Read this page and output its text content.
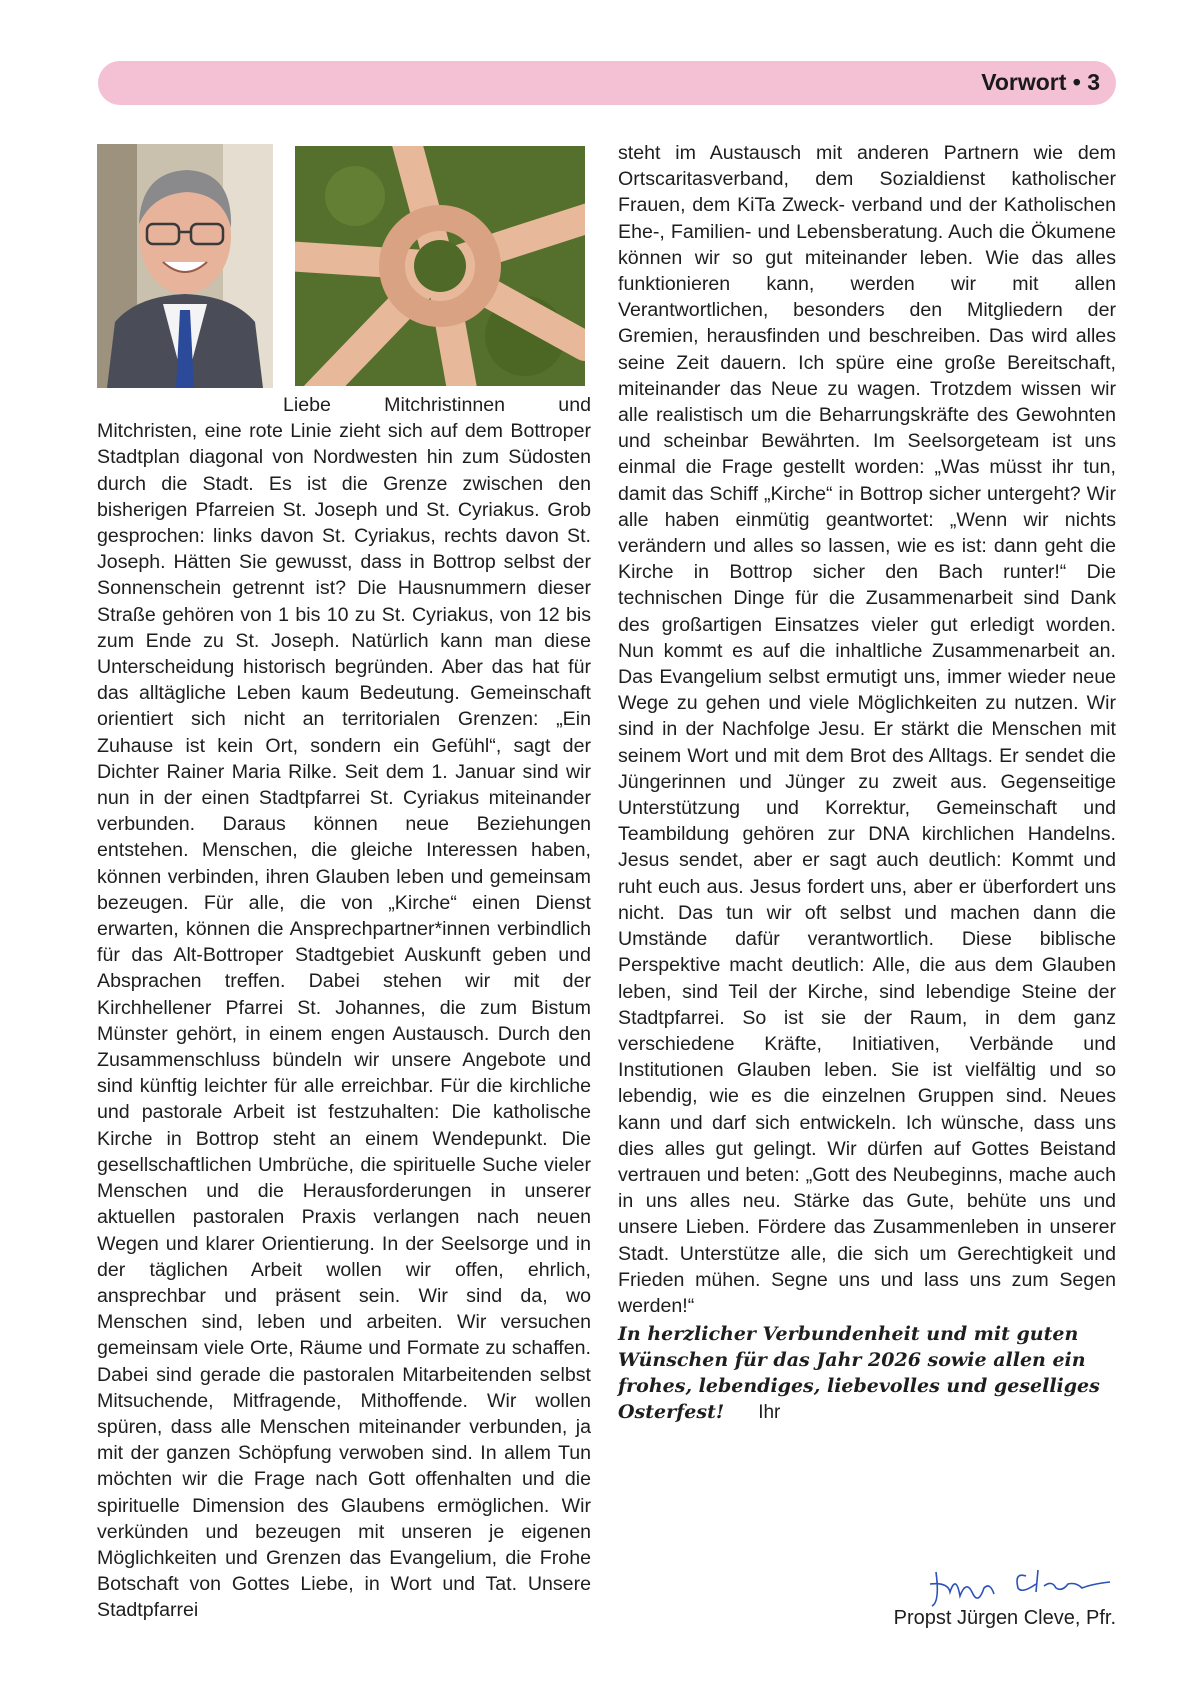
Vorwort • 3

Liebe Mitchristinnen und Mitchristen, eine rote Linie zieht sich auf dem Bottroper Stadtplan diagonal von Nordwesten hin zum Südosten durch die Stadt. Es ist die Grenze zwischen den bisherigen Pfarreien St. Joseph und St. Cyriakus. Grob gesprochen: links davon St. Cyriakus, rechts davon St. Joseph. Hätten Sie gewusst, dass in Bottrop selbst der Sonnenschein getrennt ist? Die Hausnummern dieser Straße gehören von 1 bis 10 zu St. Cyriakus, von 12 bis zum Ende zu St. Joseph. Natürlich kann man diese Unterscheidung historisch begründen. Aber das hat für das alltägliche Leben kaum Bedeutung. Gemeinschaft orientiert sich nicht an territorialen Grenzen: „Ein Zuhause ist kein Ort, sondern ein Gefühl“, sagt der Dichter Rainer Maria Rilke. Seit dem 1. Januar sind wir nun in der einen Stadtpfarrei St. Cyriakus miteinander verbunden. Daraus können neue Beziehungen entstehen. Menschen, die gleiche Interessen haben, können verbinden, ihren Glauben leben und gemeinsam bezeugen. Für alle, die von „Kirche“ einen Dienst erwarten, können die Ansprechpartner*innen verbindlich für das Alt-Bottroper Stadtgebiet Auskunft geben und Absprachen treffen. Dabei stehen wir mit der Kirchhellener Pfarrei St. Johannes, die zum Bistum Münster gehört, in einem engen Austausch. Durch den Zusammenschluss bündeln wir unsere Angebote und sind künftig leichter für alle erreichbar. Für die kirchliche und pastorale Arbeit ist festzuhalten: Die katholische Kirche in Bottrop steht an einem Wendepunkt. Die gesellschaftlichen Umbrüche, die spirituelle Suche vieler Menschen und die Herausforderungen in unserer aktuellen pastoralen Praxis verlangen nach neuen Wegen und klarer Orientierung. In der Seelsorge und in der täglichen Arbeit wollen wir offen, ehrlich, ansprechbar und präsent sein. Wir sind da, wo Menschen sind, leben und arbeiten. Wir versuchen gemeinsam viele Orte, Räume und Formate zu schaffen. Dabei sind gerade die pastoralen Mitarbeitenden selbst Mitsuchende, Mitfragende, Mithoffende. Wir wollen spüren, dass alle Menschen miteinander verbunden, ja mit der ganzen Schöpfung verwoben sind. In allem Tun möchten wir die Frage nach Gott offenhalten und die spirituelle Dimension des Glaubens ermöglichen. Wir verkünden und bezeugen mit unseren je eigenen Möglichkeiten und Grenzen das Evangelium, die Frohe Botschaft von Gottes Liebe, in Wort und Tat. Unsere Stadtpfarrei

steht im Austausch mit anderen Partnern wie dem Ortscaritasverband, dem Sozialdienst katholischer Frauen, dem KiTa Zweck- verband und der Katholischen Ehe-, Familien- und Lebensberatung. Auch die Ökumene können wir so gut miteinander leben. Wie das alles funktionieren kann, werden wir mit allen Verantwortlichen, besonders den Mitgliedern der Gremien, herausfinden und beschreiben. Das wird alles seine Zeit dauern. Ich spüre eine große Bereitschaft, miteinander das Neue zu wagen. Trotzdem wissen wir alle realistisch um die Beharrungskräfte des Gewohnten und scheinbar Bewährten. Im Seelsorgeteam ist uns einmal die Frage gestellt worden: „Was müsst ihr tun, damit das Schiff „Kirche“ in Bottrop sicher untergeht? Wir alle haben einmütig geantwortet: „Wenn wir nichts verändern und alles so lassen, wie es ist: dann geht die Kirche in Bottrop sicher den Bach runter!“ Die technischen Dinge für die Zusammenarbeit sind Dank des großartigen Einsatzes vieler gut erledigt worden. Nun kommt es auf die inhaltliche Zusammenarbeit an. Das Evangelium selbst ermutigt uns, immer wieder neue Wege zu gehen und viele Möglichkeiten zu nutzen. Wir sind in der Nachfolge Jesu. Er stärkt die Menschen mit seinem Wort und mit dem Brot des Alltags. Er sendet die Jüngerinnen und Jünger zu zweit aus. Gegenseitige Unterstützung und Korrektur, Gemeinschaft und Teambildung gehören zur DNA kirchlichen Handelns. Jesus sendet, aber er sagt auch deutlich: Kommt und ruht euch aus. Jesus fordert uns, aber er überfordert uns nicht. Das tun wir oft selbst und machen dann die Umstände dafür verantwortlich. Diese biblische Perspektive macht deutlich: Alle, die aus dem Glauben leben, sind Teil der Kirche, sind lebendige Steine der Stadtpfarrei. So ist sie der Raum, in dem ganz verschiedene Kräfte, Initiativen, Verbände und Institutionen Glauben leben. Sie ist vielfältig und so lebendig, wie es die einzelnen Gruppen sind. Neues kann und darf sich entwickeln. Ich wünsche, dass uns dies alles gut gelingt. Wir dürfen auf Gottes Beistand vertrauen und beten: „Gott des Neubeginns, mache auch in uns alles neu. Stärke das Gute, behüte uns und unsere Lieben. Fördere das Zusammenleben in unserer Stadt. Unterstütze alle, die sich um Gerechtigkeit und Frieden mühen. Segne uns und lass uns zum Segen werden!“

In herzlicher Verbundenheit und mit guten Wünschen für das Jahr 2026 sowie allen ein frohes, lebendiges, liebevolles und geselliges Osterfest! Ihr
Propst Jürgen Cleve, Pfr.
